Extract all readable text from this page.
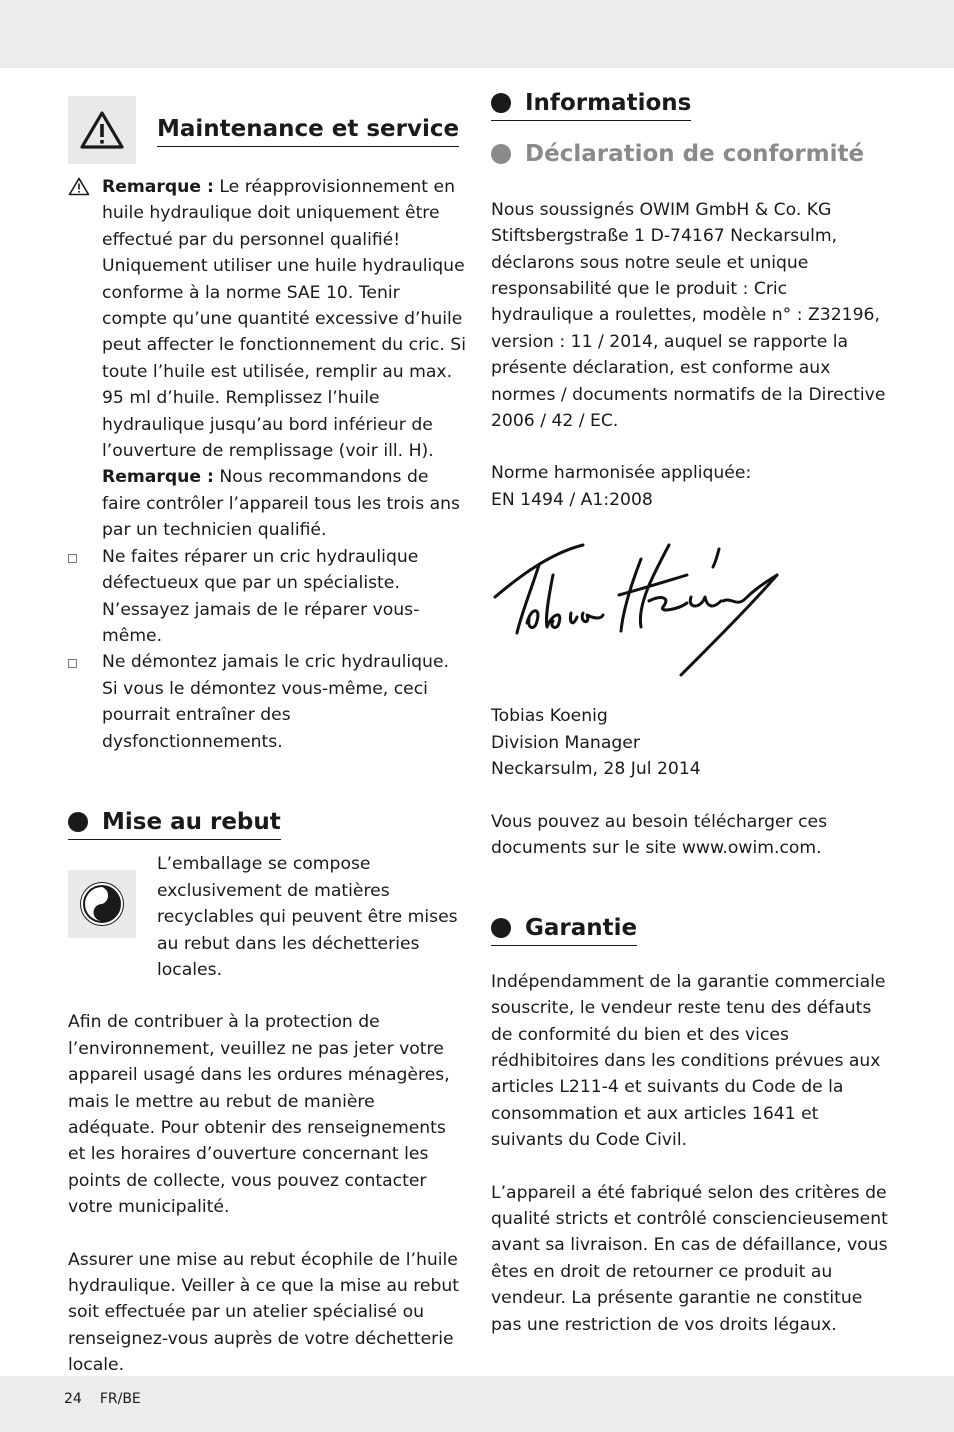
Maintenance et service

Remarque : Le réapprovisionnement en huile hydraulique doit uniquement être effectué par du personnel qualifié! Uniquement utiliser une huile hydraulique conforme à la norme SAE 10. Tenir compte qu’une quantité excessive d’huile peut affecter le fonctionnement du cric. Si toute l’huile est utilisée, remplir au max. 95 ml d’huile. Remplissez l’huile hydraulique jusqu’au bord inférieur de l’ouverture de remplissage (voir ill. H).

Remarque : Nous recommandons de faire contrôler l’appareil tous les trois ans par un technicien qualifié.

Ne faites réparer un cric hydraulique défectueux que par un spécialiste. N’essayez jamais de le réparer vous-même.

Ne démontez jamais le cric hydraulique. Si vous le démontez vous-même, ceci pourrait entraîner des dysfonctionnements.

Mise au rebut

L’emballage se compose exclusivement de matières recyclables qui peuvent être mises au rebut dans les déchetteries locales.

Afin de contribuer à la protection de l’environnement, veuillez ne pas jeter votre appareil usagé dans les ordures ménagères, mais le mettre au rebut de manière adéquate. Pour obtenir des renseignements et les horaires d’ouverture concernant les points de collecte, vous pouvez contacter votre municipalité.

Assurer une mise au rebut écophile de l’huile hydraulique. Veiller à ce que la mise au rebut soit effectuée par un atelier spécialisé ou renseignez-vous auprès de votre déchetterie locale.

Informations
Déclaration de conformité

Nous soussignés OWIM GmbH & Co. KG Stiftsbergstraße 1 D-74167 Neckarsulm, déclarons sous notre seule et unique responsabilité que le produit : Cric hydraulique a roulettes, modèle n° : Z32196, version : 11 / 2014, auquel se rapporte la présente déclaration, est conforme aux normes / documents normatifs de la Directive 2006 / 42 / EC.

Norme harmonisée appliquée:

EN 1494 / A1:2008

Tobias Koenig

Division Manager

Neckarsulm, 28 Jul 2014

Vous pouvez au besoin télécharger ces documents sur le site www.owim.com.

Garantie

Indépendamment de la garantie commerciale souscrite, le vendeur reste tenu des défauts de conformité du bien et des vices rédhibitoires dans les conditions prévues aux articles L211-4 et suivants du Code de la consommation et aux articles 1641 et suivants du Code Civil.

L’appareil a été fabriqué selon des critères de qualité stricts et contrôlé consciencieusement avant sa livraison. En cas de défaillance, vous êtes en droit de retourner ce produit au vendeur. La présente garantie ne constitue pas une restriction de vos droits légaux.

24 FR/BE
